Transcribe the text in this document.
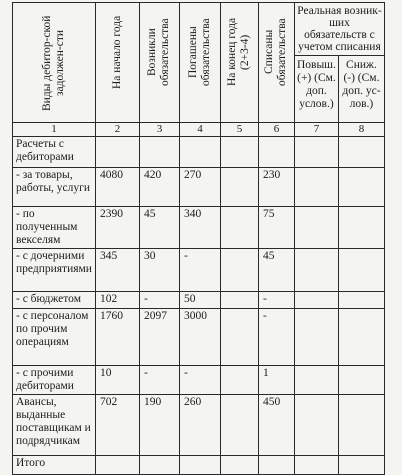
Виды дебитор-ской задолжен-сти	На начало года	Возникли обязательства	Погашены обязательства	На конец года (2+3-4)	Списаны обязательства	Реальная возник-ших обязательств с учетом списания	
						Повыш. (+) (См. доп. услов.)	Сниж. (-) (См. доп. ус-лов.)
1	2	3	4	5	6	7	8
Расчеты с дебиторами							
- за товары, работы, услуги	4080	420	270		230		
- по полученным векселям	2390	45	340		75		
- с дочерними предприятиями	345	30	-		45		
- с бюджетом	102	-	50		-		
- с персоналом по прочим операциям	1760	2097	3000		-		
- с прочими дебиторами	10	-	-		1		
Авансы, выданные поставщикам и подрядчикам	702	190	260		450		
Итого							
